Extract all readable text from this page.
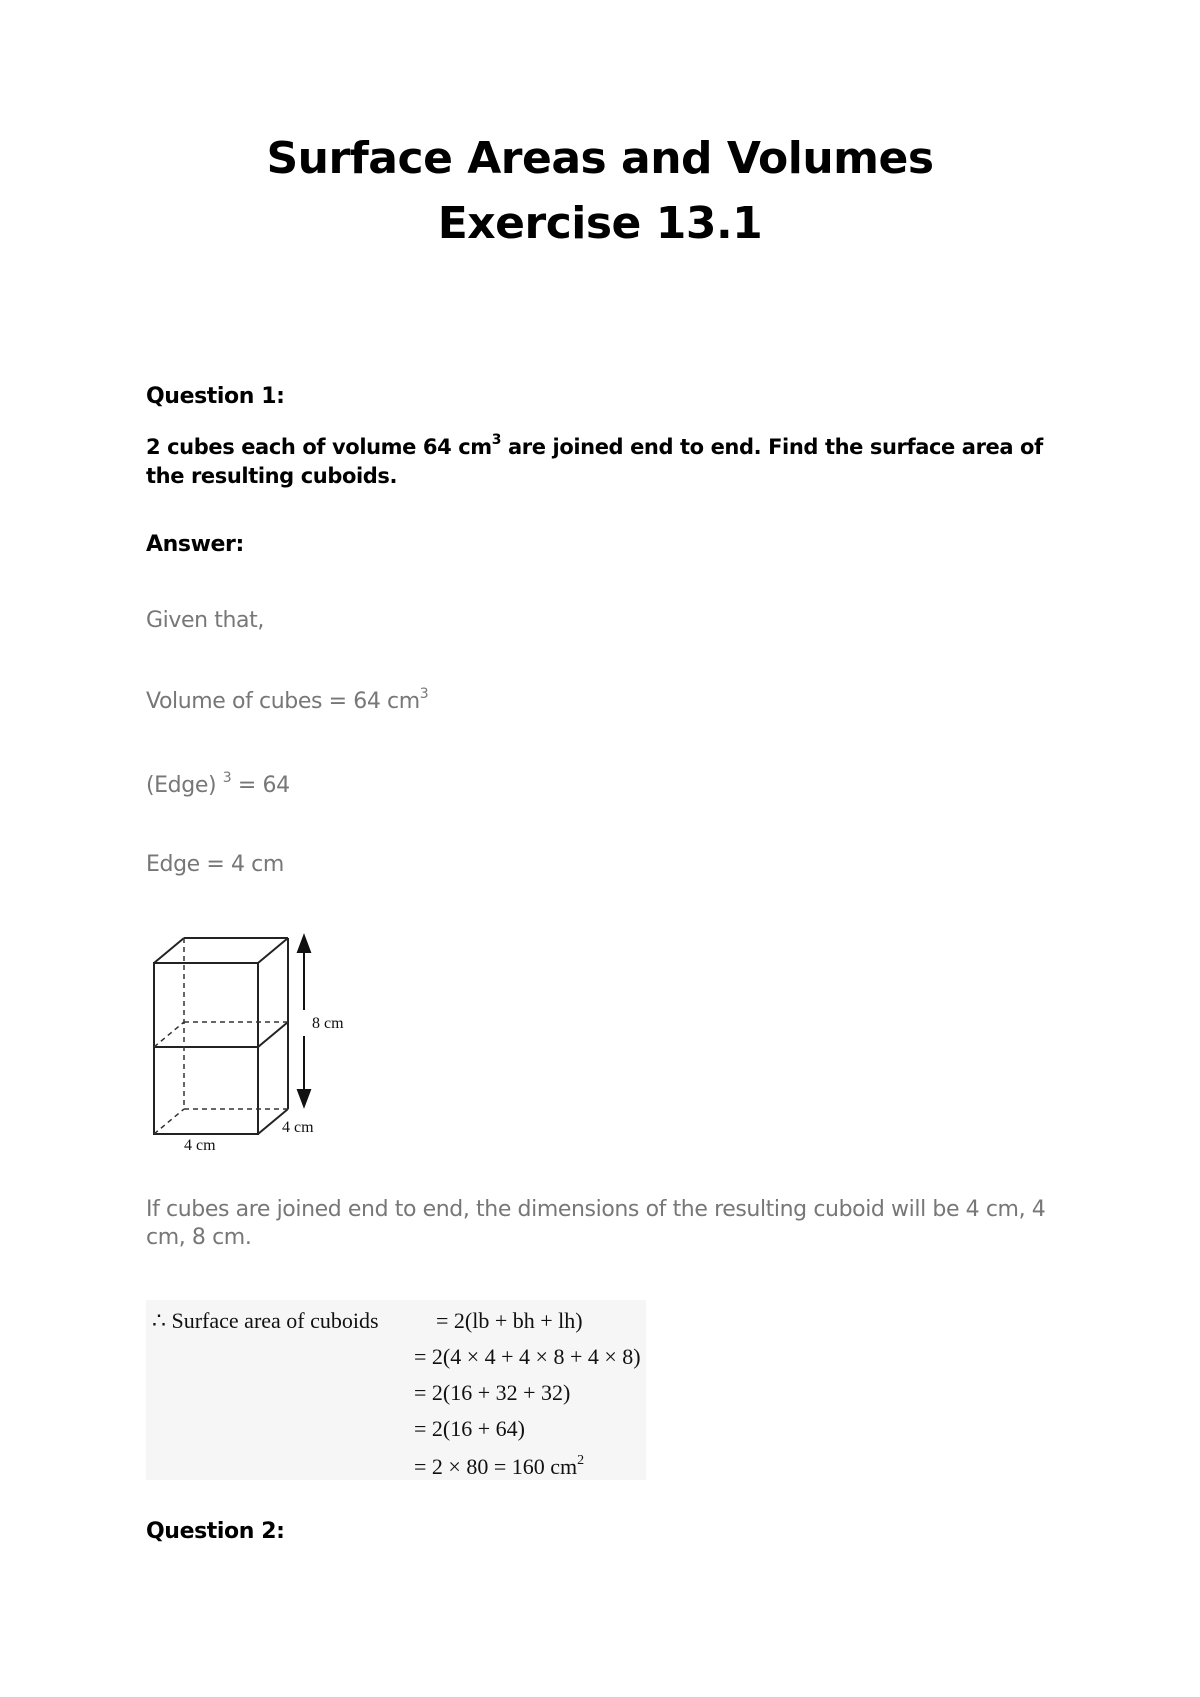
Surface Areas and Volumes
Exercise 13.1
Question 1:
2 cubes each of volume 64 $cm^3$ are joined end to end. Find the surface area of the resulting cuboids.
Answer:
Given that,
Volume of cubes = 64 $cm^3$
(Edge) $^3$ = 64
Edge = 4 cm
8 cm
4 cm
4 cm
If cubes are joined end to end, the dimensions of the resulting cuboid will be 4 cm, 4 cm, 8 cm.
∴ Surface area of cuboids	= 2(lb + bh + lh)
= 2(4 × 4 + 4 × 8 + 4 × 8)
= 2(16 + 32 + 32)
= 2(16 + 64)
= 2 × 80 = 160 $cm^2$
Question 2:
